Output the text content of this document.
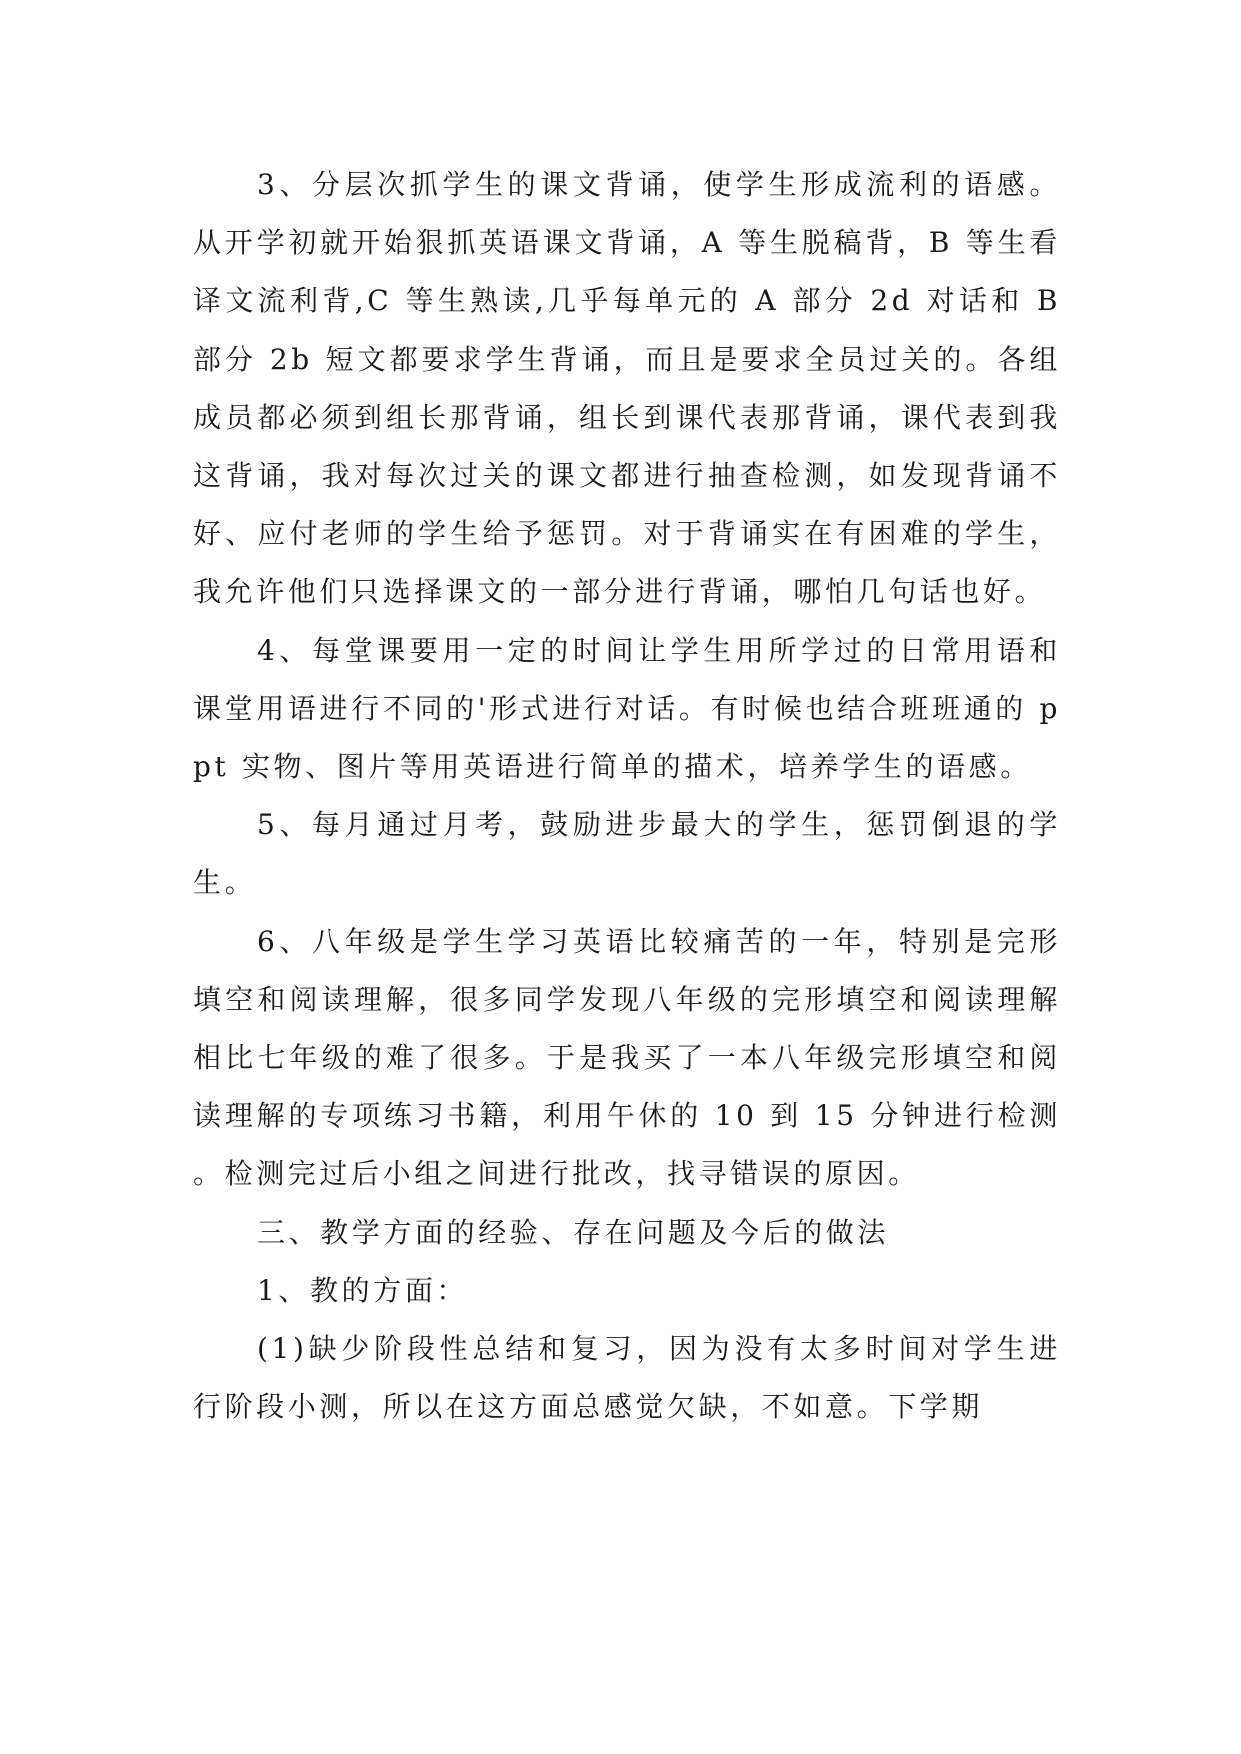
3、分层次抓学生的课文背诵，使学生形成流利的语感。从开学初就开始狠抓英语课文背诵，A 等生脱稿背，B 等生看译文流利背,C 等生熟读,几乎每单元的 A 部分 2d 对话和 B 部分 2b 短文都要求学生背诵，而且是要求全员过关的。各组成员都必须到组长那背诵，组长到课代表那背诵，课代表到我这背诵，我对每次过关的课文都进行抽查检测，如发现背诵不好、应付老师的学生给予惩罚。对于背诵实在有困难的学生，我允许他们只选择课文的一部分进行背诵，哪怕几句话也好。

4、每堂课要用一定的时间让学生用所学过的日常用语和课堂用语进行不同的'形式进行对话。有时候也结合班班通的 ppt 实物、图片等用英语进行简单的描术，培养学生的语感。

5、每月通过月考，鼓励进步最大的学生，惩罚倒退的学生。

6、八年级是学生学习英语比较痛苦的一年，特别是完形填空和阅读理解，很多同学发现八年级的完形填空和阅读理解相比七年级的难了很多。于是我买了一本八年级完形填空和阅读理解的专项练习书籍，利用午休的 10 到 15 分钟进行检测。检测完过后小组之间进行批改，找寻错误的原因。

三、教学方面的经验、存在问题及今后的做法

1、教的方面：

(1)缺少阶段性总结和复习，因为没有太多时间对学生进行阶段小测，所以在这方面总感觉欠缺，不如意。下学期
